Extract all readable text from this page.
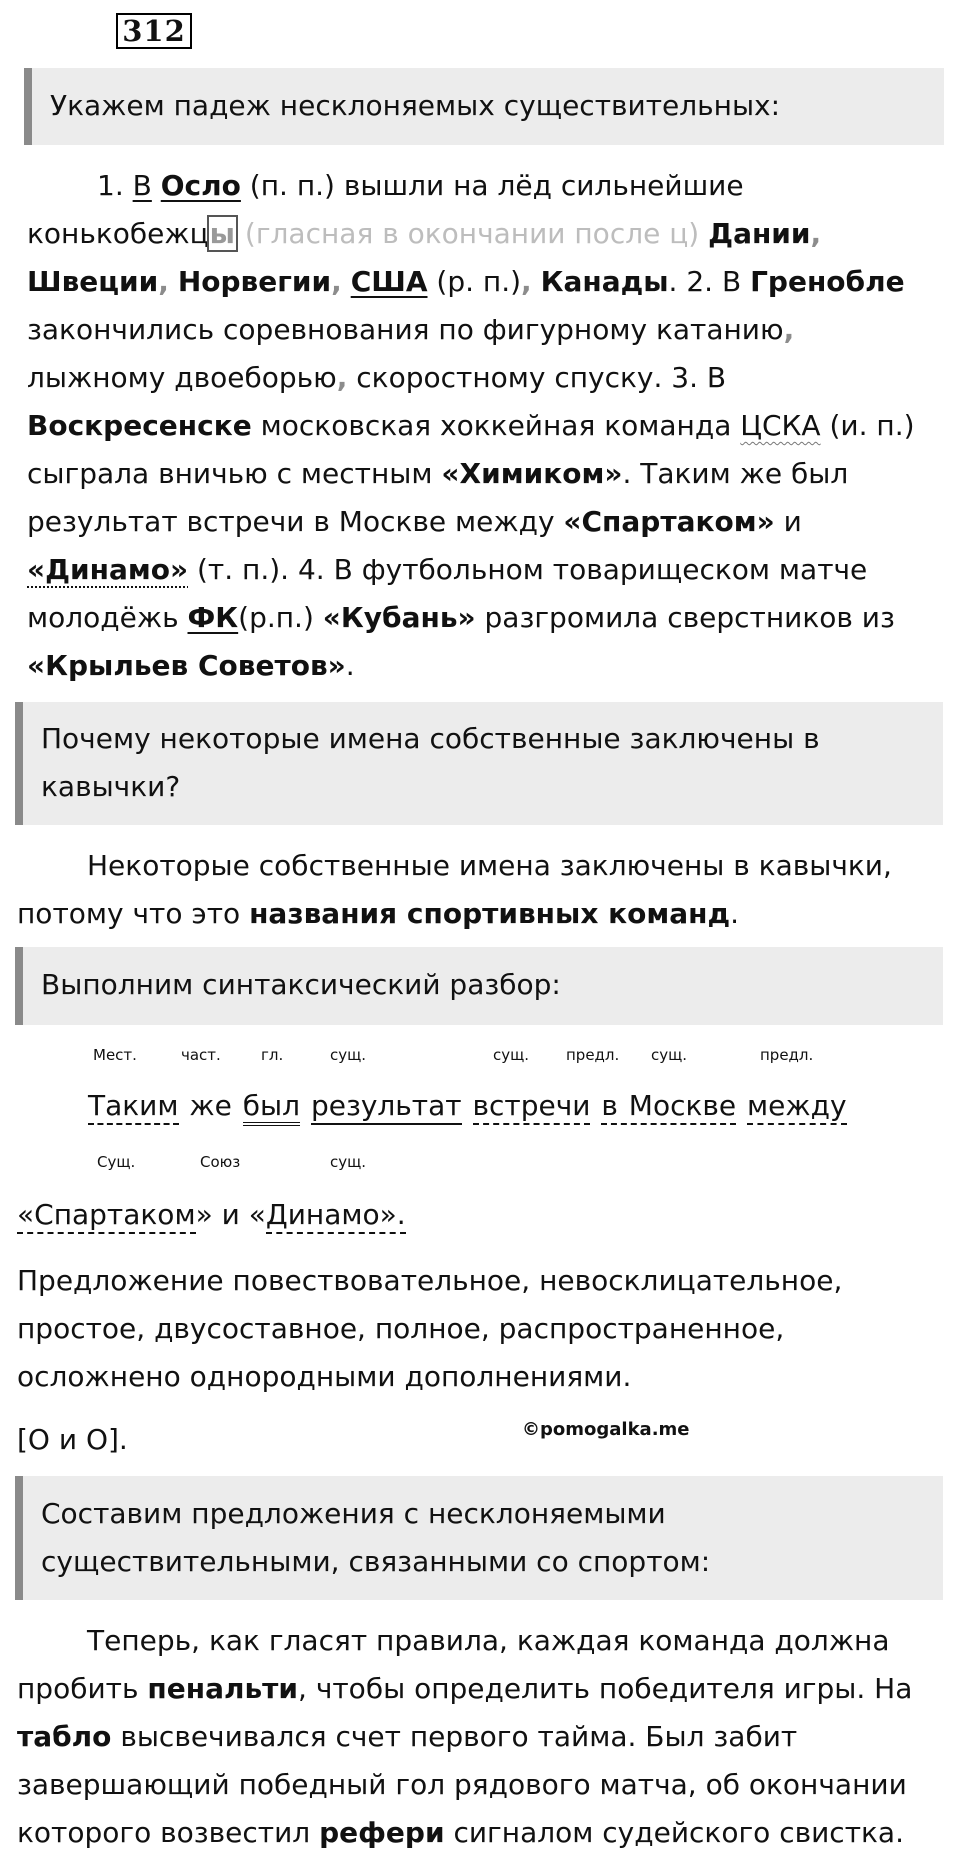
312
Укажем падеж несклоняемых существительных:

1. В Осло (п. п.) вышли на лёд сильнейшие
конькобежцы (гласная в окончании после ц) Дании,
Швеции, Норвегии, США (р. п.), Канады. 2. В Гренобле
закончились соревнования по фигурному катанию,
лыжному двоеборью, скоростному спуску. 3. В
Воскресенске московская хоккейная команда ЦСКА (и. п.)
сыграла вничью с местным «Химиком». Таким же был
результат встречи в Москве между «Спартаком» и
«Динамо» (т. п.). 4. В футбольном товарищеском матче
молодёжь ФК(р.п.) «Кубань» разгромила сверстников из
«Крыльев Советов».

Почему некоторые имена собственные заключены в кавычки?

Некоторые собственные имена заключены в кавычки, потому что это названия спортивных команд.

Выполним синтаксический разбор:
Мест.	част.	гл.	сущ.	сущ. предл. сущ.	предл.
Таким же был результат встречи в Москве между
Сущ.	Союз	сущ.
«Спартаком» и «Динамо».

Предложение повествовательное, невосклицательное, простое, двусоставное, полное, распространенное, осложнено однородными дополнениями.

[О и О].	©pomogalka.me
Составим предложения с несклоняемыми существительными, связанными со спортом:

Теперь, как гласят правила, каждая команда должна пробить пенальти, чтобы определить победителя игры. На табло высвечивался счет первого тайма. Был забит завершающий победный гол рядового матча, об окончании которого возвестил рефери сигналом судейского свистка.
